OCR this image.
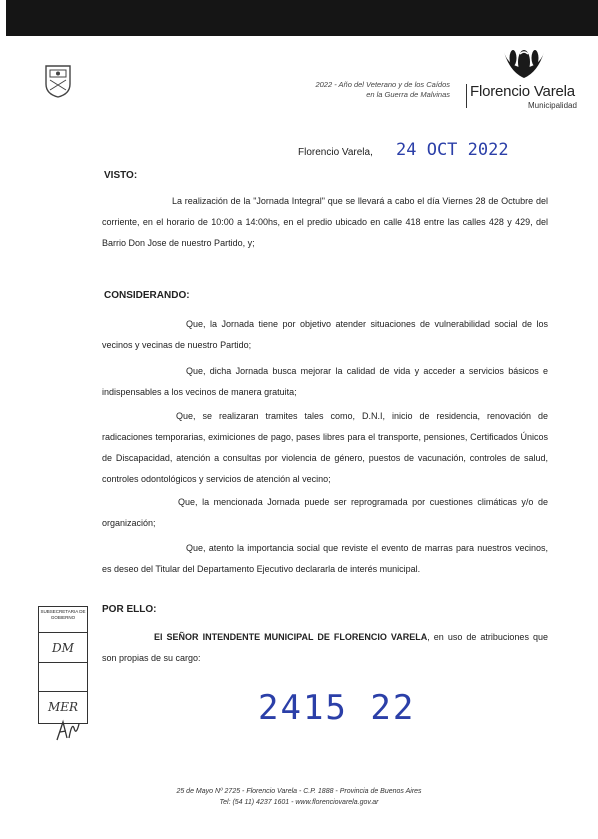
2022 - Año del Veterano y de los Caídos
en la Guerra de Malvinas Florencio Varela
Municipalidad
Florencio Varela, 24 OCT 2022
VISTO:
La realización de la "Jornada Integral" que se llevará a cabo el día Viernes 28 de Octubre del corriente, en el horario de 10:00 a 14:00hs, en el predio ubicado en calle 418 entre las calles 428 y 429, del Barrio Don Jose de nuestro Partido, y;
CONSIDERANDO:
Que, la Jornada tiene por objetivo atender situaciones de vulnerabilidad social de los vecinos y vecinas de nuestro Partido;
Que, dicha Jornada busca mejorar la calidad de vida y acceder a servicios básicos e indispensables a los vecinos de manera gratuita;
Que, se realizaran tramites tales como, D.N.I, inicio de residencia, renovación de radicaciones temporarias, eximiciones de pago, pases libres para el transporte, pensiones, Certificados Únicos de Discapacidad, atención a consultas por violencia de género, puestos de vacunación, controles de salud, controles odontológicos y servicios de atención al vecino;
Que, la mencionada Jornada puede ser reprogramada por cuestiones climáticas y/o de organización;
Que, atento la importancia social que reviste el evento de marras para nuestros vecinos, es deseo del Titular del Departamento Ejecutivo declararla de interés municipal.
POR ELLO:
El SEÑOR INTENDENTE MUNICIPAL DE FLORENCIO VARELA, en uso de atribuciones que son propias de su cargo:
SUBSECRETARIA DE GOBIERNO
DM
MER	2415 22
25 de Mayo Nº 2725 - Florencio Varela - C.P. 1888 - Provincia de Buenos Aires
Tel: (54 11) 4237 1601 - www.florenciovarela.gov.ar
